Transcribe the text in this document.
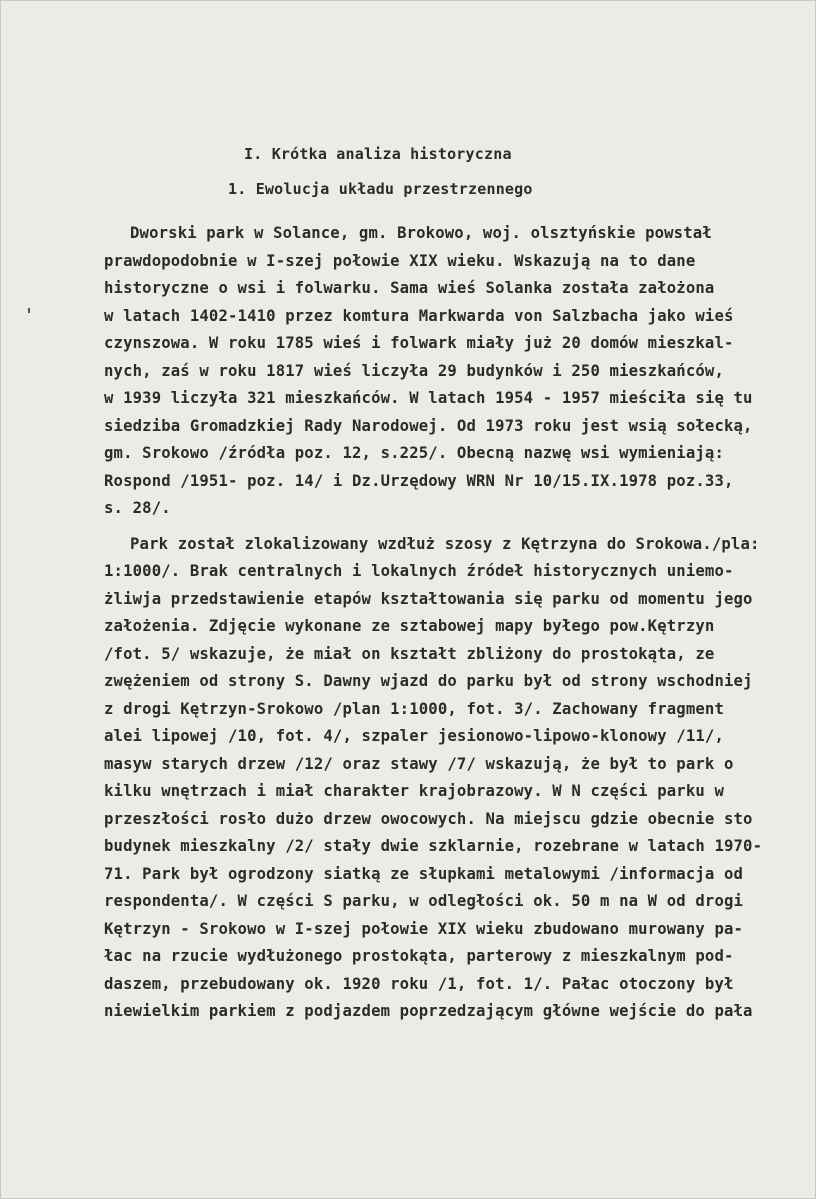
I. Krótka analiza historyczna
1. Ewolucja układu przestrzennego
Dworski park w Solance, gm. Brokowo, woj. olsztyńskie powstał
prawdopodobnie w I-szej połowie XIX wieku. Wskazują na to dane
historyczne o wsi i folwarku. Sama wieś Solanka została założona
w latach 1402-1410 przez komtura Markwarda von Salzbacha jako wieś
czynszowa. W roku 1785 wieś i folwark miały już 20 domów mieszkal-
nych, zaś w roku 1817 wieś liczyła 29 budynków i 250 mieszkańców,
w 1939 liczyła 321 mieszkańców. W latach 1954 - 1957 mieściła się tu
siedziba Gromadzkiej Rady Narodowej. Od 1973 roku jest wsią sołecką,
gm. Srokowo /źródła poz. 12, s.225/. Obecną nazwę wsi wymieniają:
Rospond /1951- poz. 14/ i Dz.Urzędowy WRN Nr 10/15.IX.1978 poz.33,
s. 28/.
Park został zlokalizowany wzdłuż szosy z Kętrzyna do Srokowa./pla:
1:1000/. Brak centralnych i lokalnych źródeł historycznych uniemo-
żliwja przedstawienie etapów kształtowania się parku od momentu jego
założenia. Zdjęcie wykonane ze sztabowej mapy byłego pow.Kętrzyn
/fot. 5/ wskazuje, że miał on kształt zbliżony do prostokąta, ze
zwężeniem od strony S. Dawny wjazd do parku był od strony wschodniej
z drogi Kętrzyn-Srokowo /plan 1:1000, fot. 3/. Zachowany fragment
alei lipowej /10, fot. 4/, szpaler jesionowo-lipowo-klonowy /11/,
masyw starych drzew /12/ oraz stawy /7/ wskazują, że był to park o
kilku wnętrzach i miał charakter krajobrazowy. W N części parku w
przeszłości rosło dużo drzew owocowych. Na miejscu gdzie obecnie sto
budynek mieszkalny /2/ stały dwie szklarnie, rozebrane w latach 1970-
71. Park był ogrodzony siatką ze słupkami metalowymi /informacja od
respondenta/. W części S parku, w odległości ok. 50 m na W od drogi
Kętrzyn - Srokowo w I-szej połowie XIX wieku zbudowano murowany pa-
łac na rzucie wydłużonego prostokąta, parterowy z mieszkalnym pod-
daszem, przebudowany ok. 1920 roku /1, fot. 1/. Pałac otoczony był
niewielkim parkiem z podjazdem poprzedzającym główne wejście do pała
